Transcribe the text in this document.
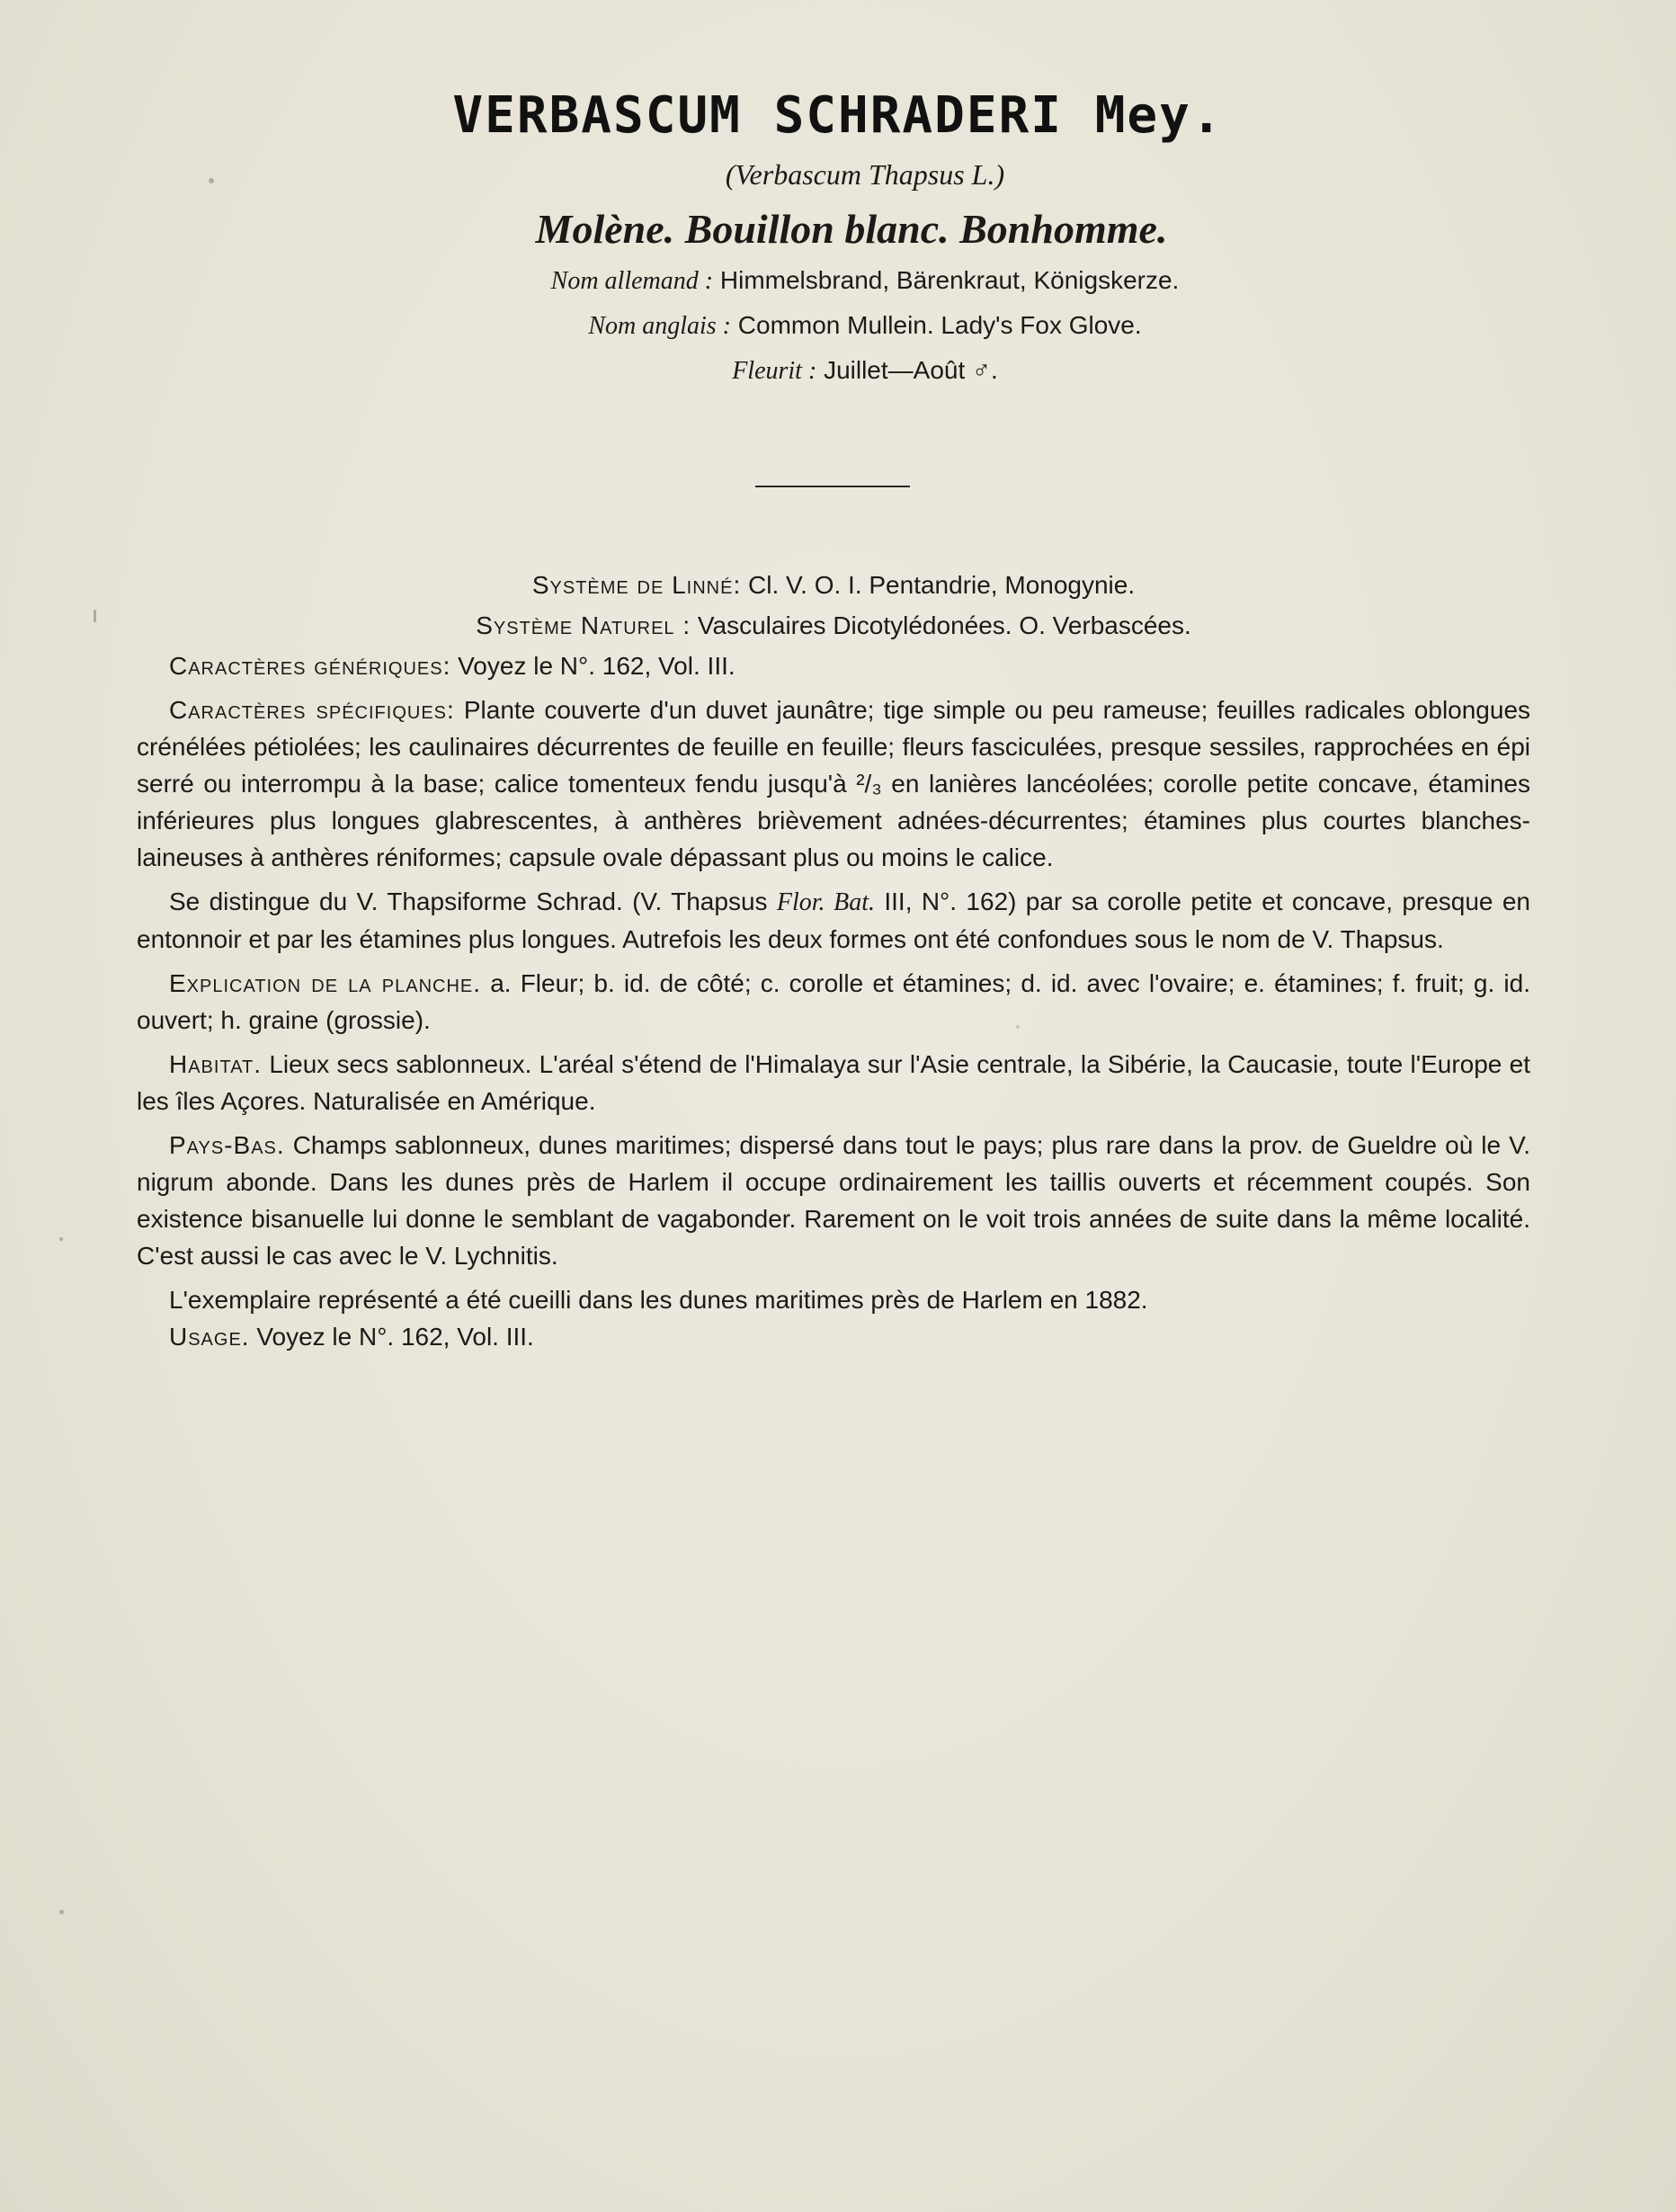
VERBASCUM SCHRADERI Mey.
(Verbascum Thapsus L.)
Molène. Bouillon blanc. Bonhomme.
Nom allemand : Himmelsbrand, Bärenkraut, Königskerze.
Nom anglais : Common Mullein. Lady's Fox Glove.
Fleurit : Juillet—Août ♂.

Système de Linné: Cl. V. O. I. Pentandrie, Monogynie.

Système Naturel : Vasculaires Dicotylédonées. O. Verbascées.

Caractères génériques: Voyez le N°. 162, Vol. III.

Caractères spécifiques: Plante couverte d'un duvet jaunâtre; tige simple ou peu rameuse; feuilles radicales oblongues crénélées pétiolées; les caulinaires décurrentes de feuille en feuille; fleurs fasciculées, presque sessiles, rapprochées en épi serré ou interrompu à la base; calice tomenteux fendu jusqu'à ²/₃ en lanières lancéolées; corolle petite concave, étamines inférieures plus longues glabrescentes, à anthères brièvement adnées-décurrentes; étamines plus courtes blanches-laineuses à anthères réniformes; capsule ovale dépassant plus ou moins le calice.

Se distingue du V. Thapsiforme Schrad. (V. Thapsus Flor. Bat. III, N°. 162) par sa corolle petite et concave, presque en entonnoir et par les étamines plus longues. Autrefois les deux formes ont été confondues sous le nom de V. Thapsus.

Explication de la planche. a. Fleur; b. id. de côté; c. corolle et étamines; d. id. avec l'ovaire; e. étamines; f. fruit; g. id. ouvert; h. graine (grossie).

Habitat. Lieux secs sablonneux. L'aréal s'étend de l'Himalaya sur l'Asie centrale, la Sibérie, la Caucasie, toute l'Europe et les îles Açores. Naturalisée en Amérique.

Pays-Bas. Champs sablonneux, dunes maritimes; dispersé dans tout le pays; plus rare dans la prov. de Gueldre où le V. nigrum abonde. Dans les dunes près de Harlem il occupe ordinairement les taillis ouverts et récemment coupés. Son existence bisanuelle lui donne le semblant de vagabonder. Rarement on le voit trois années de suite dans la même localité. C'est aussi le cas avec le V. Lychnitis.

L'exemplaire représenté a été cueilli dans les dunes maritimes près de Harlem en 1882.

Usage. Voyez le N°. 162, Vol. III.
